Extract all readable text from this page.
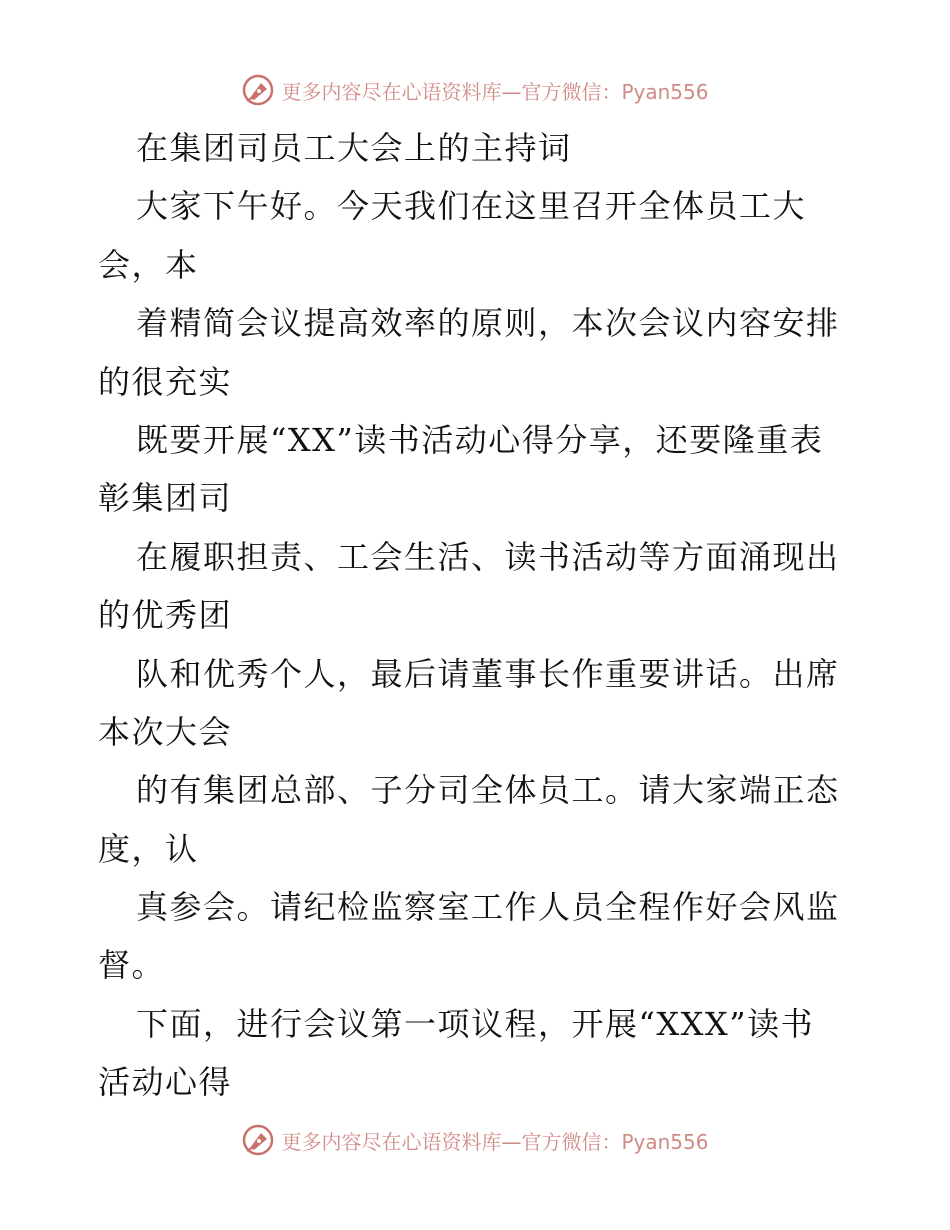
更多内容尽在心语资料库—官方微信：Pyan556
在集团司员工大会上的主持词
大家下午好。今天我们在这里召开全体员工大
会，本
着精简会议提高效率的原则，本次会议内容安排
的很充实
既要开展“XX”读书活动心得分享，还要隆重表
彰集团司
在履职担责、工会生活、读书活动等方面涌现出
的优秀团
队和优秀个人，最后请董事长作重要讲话。出席
本次大会
的有集团总部、子分司全体员工。请大家端正态
度，认
真参会。请纪检监察室工作人员全程作好会风监
督。
下面，进行会议第一项议程，开展“XXX”读书
活动心得
更多内容尽在心语资料库—官方微信：Pyan556
